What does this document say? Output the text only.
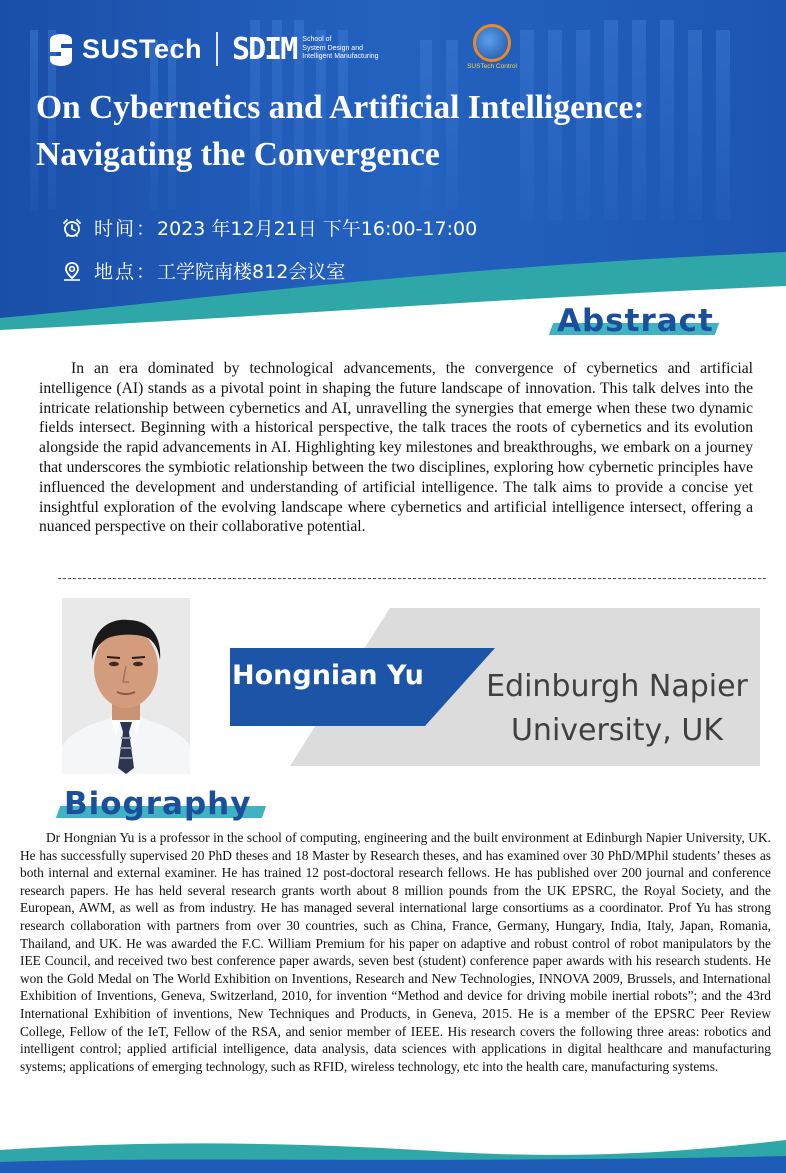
SUSTech SDIM School of
System Design and
Intelligent Manufacturing
SUSTech Control
On Cybernetics and Artificial Intelligence:
Navigating the Convergence
时间： 2023 年12月21日 下午16:00-17:00
地点： 工学院南楼812会议室
Abstract

In an era dominated by technological advancements, the convergence of cybernetics and artificial intelligence (AI) stands as a pivotal point in shaping the future landscape of innovation. This talk delves into the intricate relationship between cybernetics and AI, unravelling the synergies that emerge when these two dynamic fields intersect. Beginning with a historical perspective, the talk traces the roots of cybernetics and its evolution alongside the rapid advancements in AI. Highlighting key milestones and breakthroughs, we embark on a journey that underscores the symbiotic relationship between the two disciplines, exploring how cybernetic principles have influenced the development and understanding of artificial intelligence. The talk aims to provide a concise yet insightful exploration of the evolving landscape where cybernetics and artificial intelligence intersect, offering a nuanced perspective on their collaborative potential.

Hongnian Yu	Edinburgh Napier
University, UK
Biography

Dr Hongnian Yu is a professor in the school of computing, engineering and the built environment at Edinburgh Napier University, UK. He has successfully supervised 20 PhD theses and 18 Master by Research theses, and has examined over 30 PhD/MPhil students’ theses as both internal and external examiner. He has trained 12 post-doctoral research fellows. He has published over 200 journal and conference research papers. He has held several research grants worth about 8 million pounds from the UK EPSRC, the Royal Society, and the European, AWM, as well as from industry. He has managed several international large consortiums as a coordinator. Prof Yu has strong research collaboration with partners from over 30 countries, such as China, France, Germany, Hungary, India, Italy, Japan, Romania, Thailand, and UK. He was awarded the F.C. William Premium for his paper on adaptive and robust control of robot manipulators by the IEE Council, and received two best conference paper awards, seven best (student) conference paper awards with his research students. He won the Gold Medal on The World Exhibition on Inventions, Research and New Technologies, INNOVA 2009, Brussels, and International Exhibition of Inventions, Geneva, Switzerland, 2010, for invention “Method and device for driving mobile inertial robots”; and the 43rd International Exhibition of inventions, New Techniques and Products, in Geneva, 2015. He is a member of the EPSRC Peer Review College, Fellow of the IeT, Fellow of the RSA, and senior member of IEEE. His research covers the following three areas: robotics and intelligent control; applied artificial intelligence, data analysis, data sciences with applications in digital healthcare and manufacturing systems; applications of emerging technology, such as RFID, wireless technology, etc into the health care, manufacturing systems.
